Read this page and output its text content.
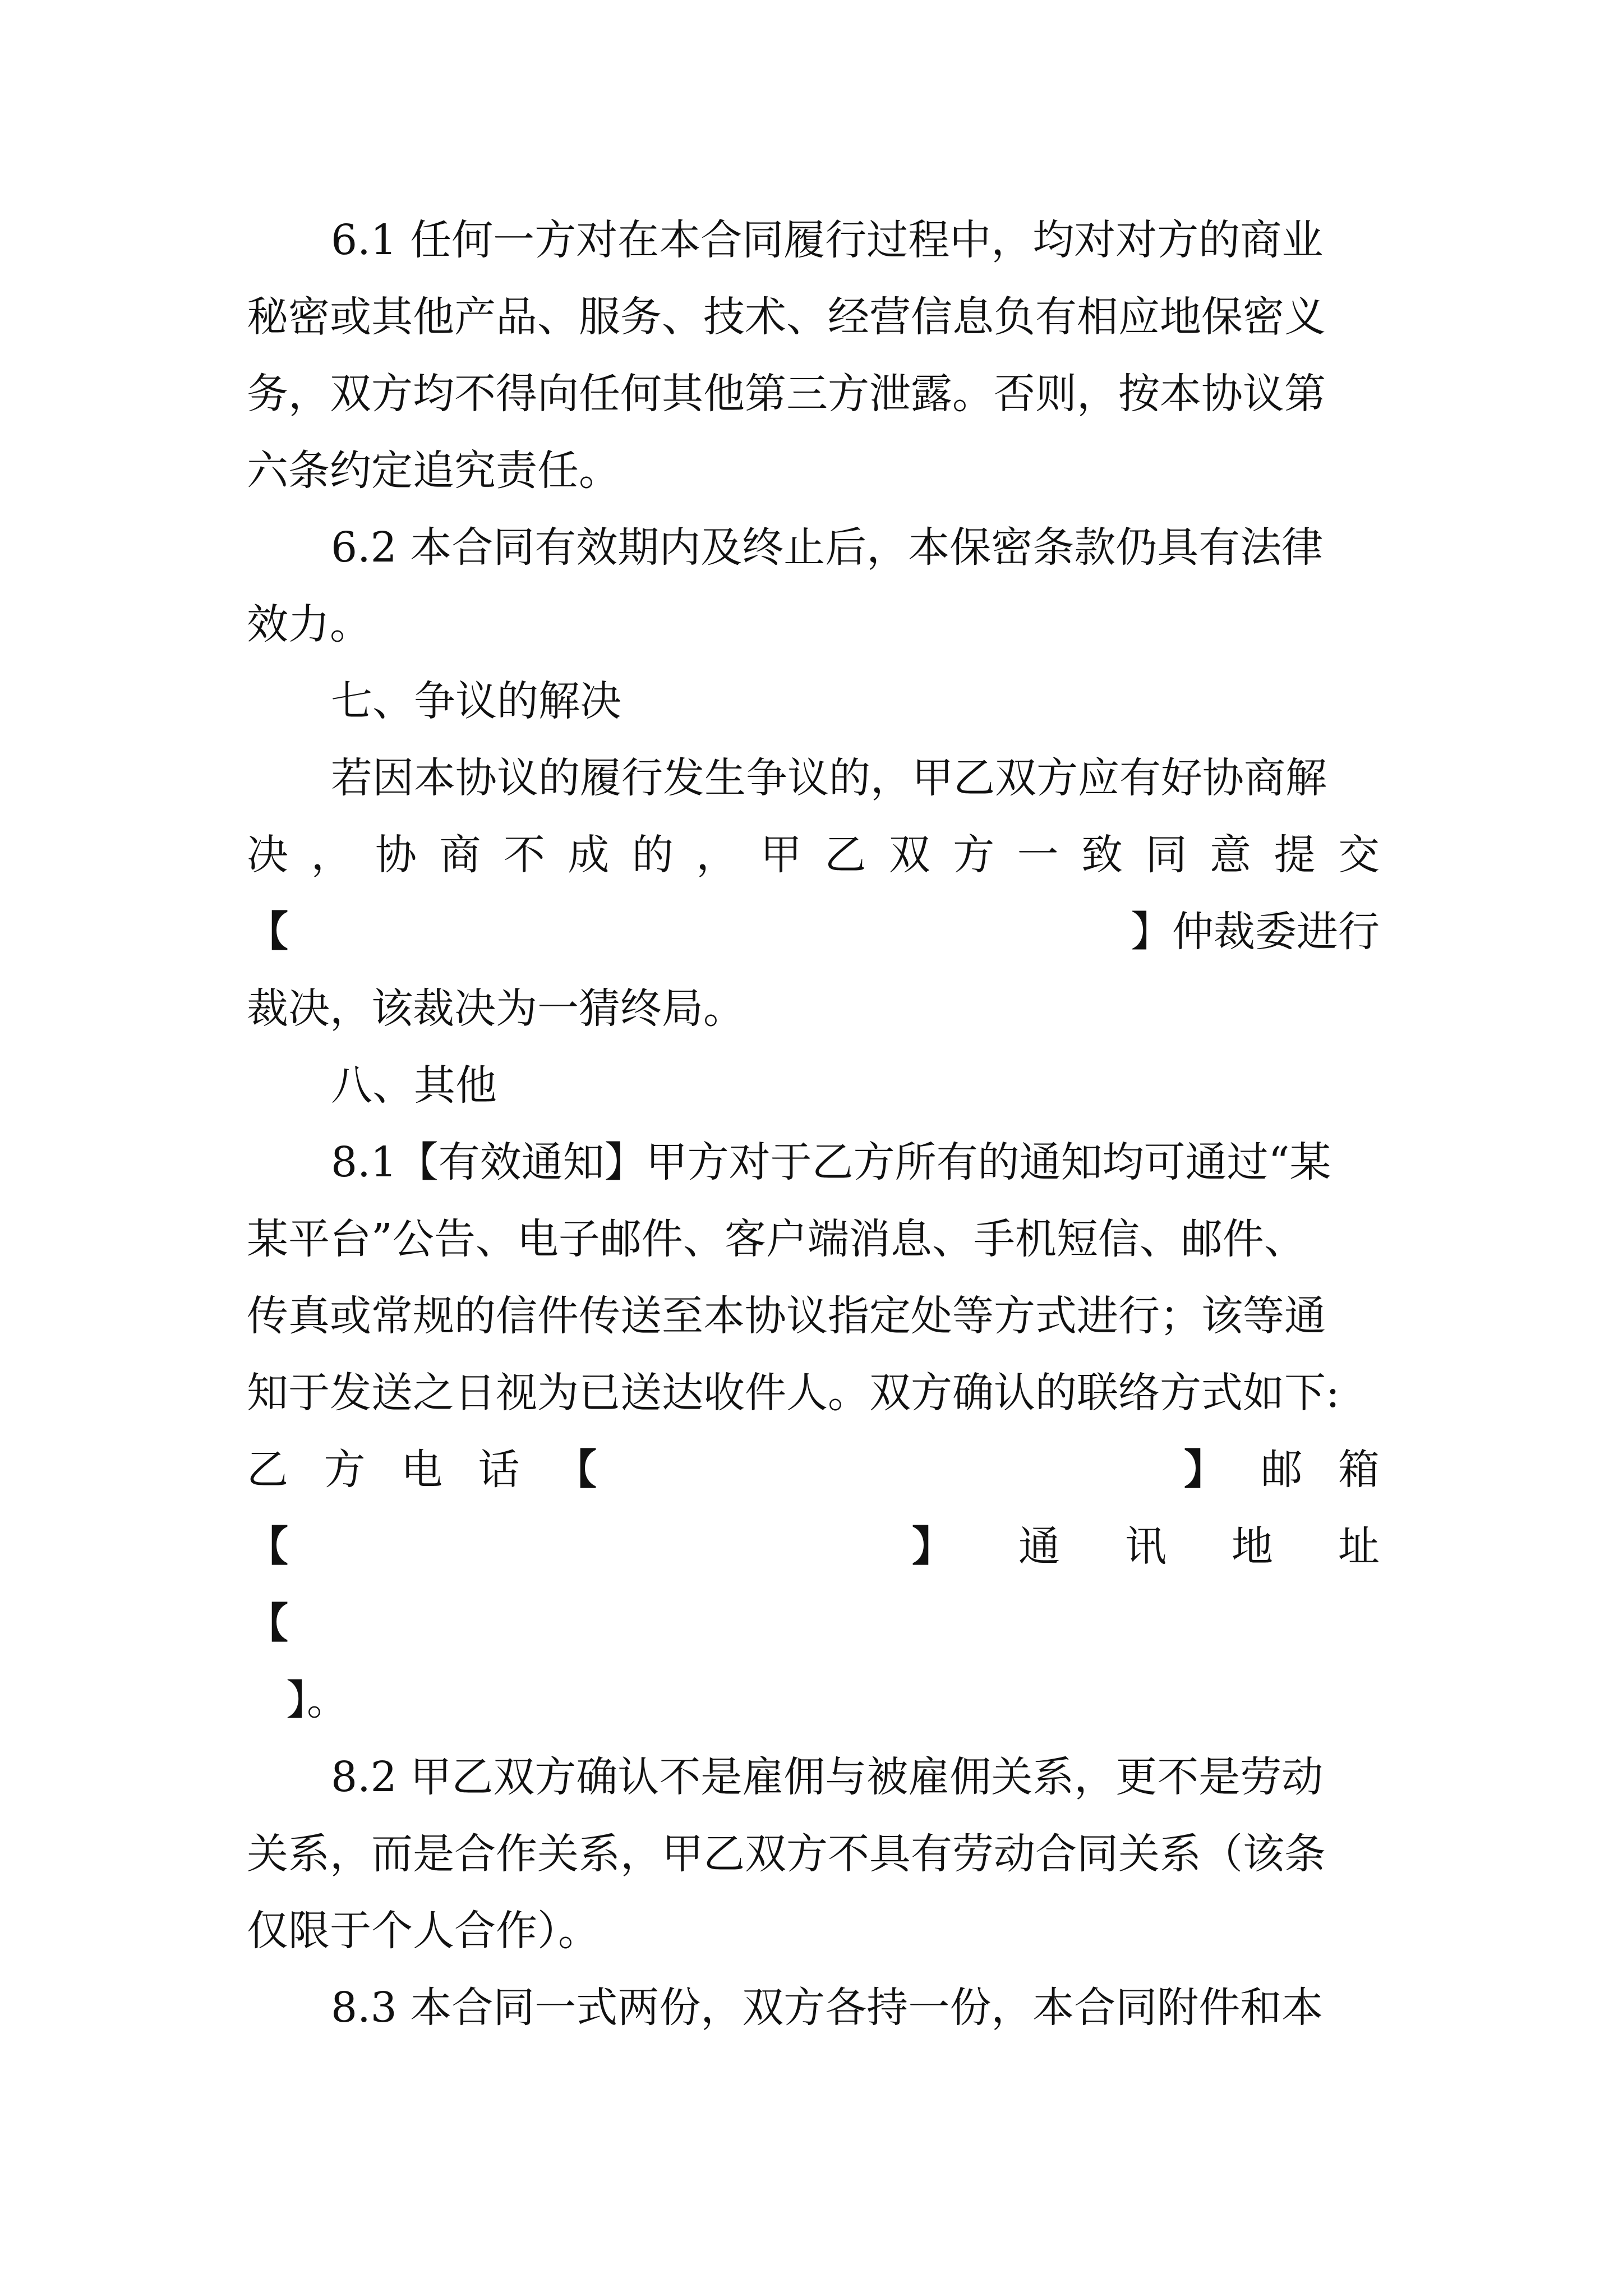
6.1 任何一方对在本合同履行过程中，均对对方的商业
秘密或其他产品、服务、技术、经营信息负有相应地保密义
务，双方均不得向任何其他第三方泄露。否则，按本协议第
六条约定追究责任。
6.2 本合同有效期内及终止后，本保密条款仍具有法律
效力。
七、争议的解决
若因本协议的履行发生争议的，甲乙双方应有好协商解
决 ， 协 商 不 成 的 ， 甲 乙 双 方 一 致 同 意 提 交
【	】仲裁委进行
裁决，该裁决为一猜终局。
八、其他
8.1【有效通知】甲方对于乙方所有的通知均可通过“某
某平台”公告、电子邮件、客户端消息、手机短信、邮件、
传真或常规的信件传送至本协议指定处等方式进行；该等通
知于发送之日视为已送达收件人。双方确认的联络方式如下:
乙 方 电 话 【	】 邮 箱
【	】 通 讯 地 址
【
】。
8.2 甲乙双方确认不是雇佣与被雇佣关系，更不是劳动
关系，而是合作关系，甲乙双方不具有劳动合同关系（该条
仅限于个人合作）。
8.3 本合同一式两份，双方各持一份，本合同附件和本
